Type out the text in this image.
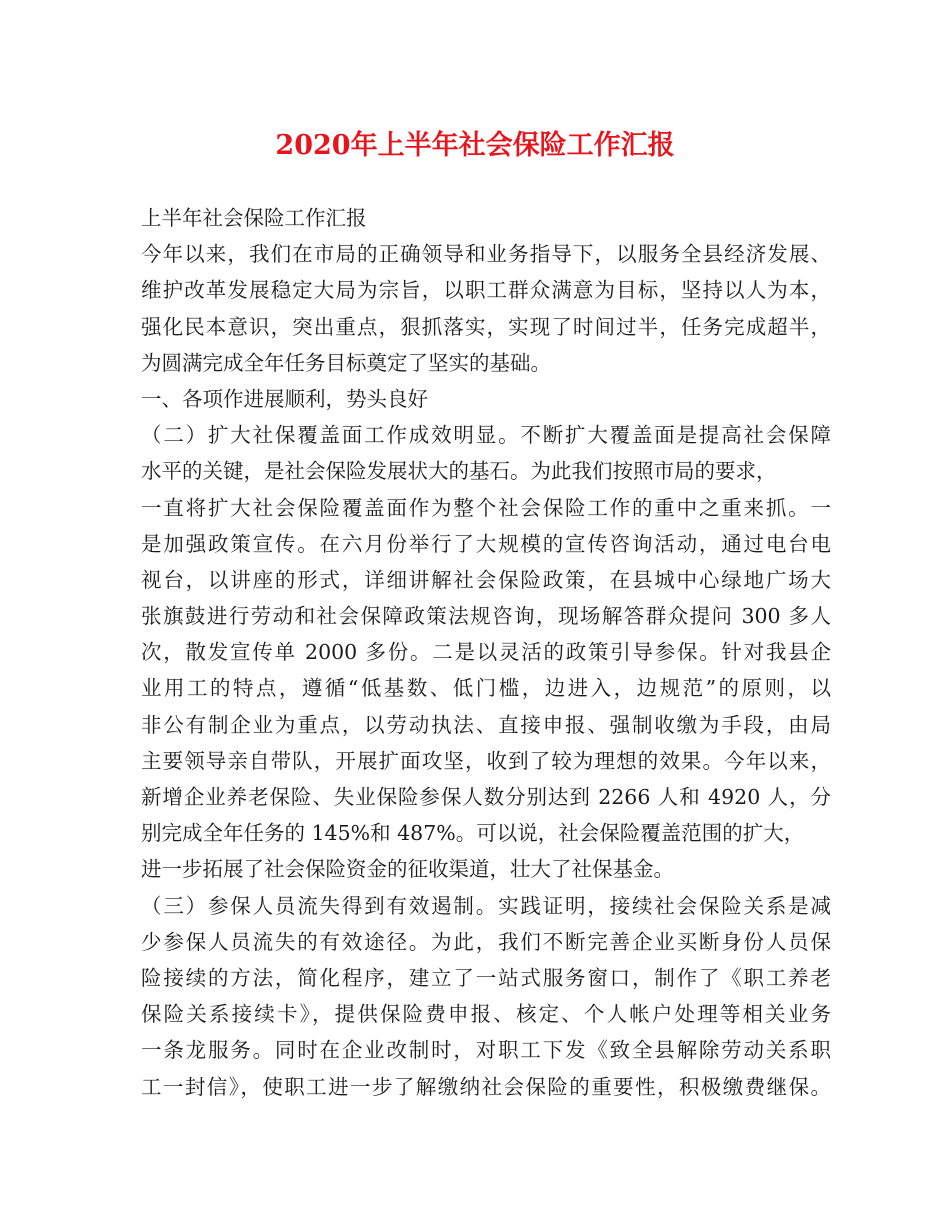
2020年上半年社会保险工作汇报
上半年社会保险工作汇报
今年以来，我们在市局的正确领导和业务指导下，以服务全县经济发展、
维护改革发展稳定大局为宗旨，以职工群众满意为目标，坚持以人为本，
强化民本意识，突出重点，狠抓落实，实现了时间过半，任务完成超半，
为圆满完成全年任务目标奠定了坚实的基础。
一、各项作进展顺利，势头良好
（二）扩大社保覆盖面工作成效明显。不断扩大覆盖面是提高社会保障
水平的关键，是社会保险发展状大的基石。为此我们按照市局的要求，
一直将扩大社会保险覆盖面作为整个社会保险工作的重中之重来抓。一
是加强政策宣传。在六月份举行了大规模的宣传咨询活动，通过电台电
视台，以讲座的形式，详细讲解社会保险政策，在县城中心绿地广场大
张旗鼓进行劳动和社会保障政策法规咨询，现场解答群众提问 300 多人
次，散发宣传单 2000 多份。二是以灵活的政策引导参保。针对我县企
业用工的特点，遵循“低基数、低门槛，边进入，边规范”的原则，以
非公有制企业为重点，以劳动执法、直接申报、强制收缴为手段，由局
主要领导亲自带队，开展扩面攻坚，收到了较为理想的效果。今年以来，
新增企业养老保险、失业保险参保人数分别达到 2266 人和 4920 人，分
别完成全年任务的 145%和 487%。可以说，社会保险覆盖范围的扩大，
进一步拓展了社会保险资金的征收渠道，壮大了社保基金。
（三）参保人员流失得到有效遏制。实践证明，接续社会保险关系是减
少参保人员流失的有效途径。为此，我们不断完善企业买断身份人员保
险接续的方法，简化程序，建立了一站式服务窗口，制作了《职工养老
保险关系接续卡》，提供保险费申报、核定、个人帐户处理等相关业务
一条龙服务。同时在企业改制时，对职工下发《致全县解除劳动关系职
工一封信》，使职工进一步了解缴纳社会保险的重要性，积极缴费继保。
